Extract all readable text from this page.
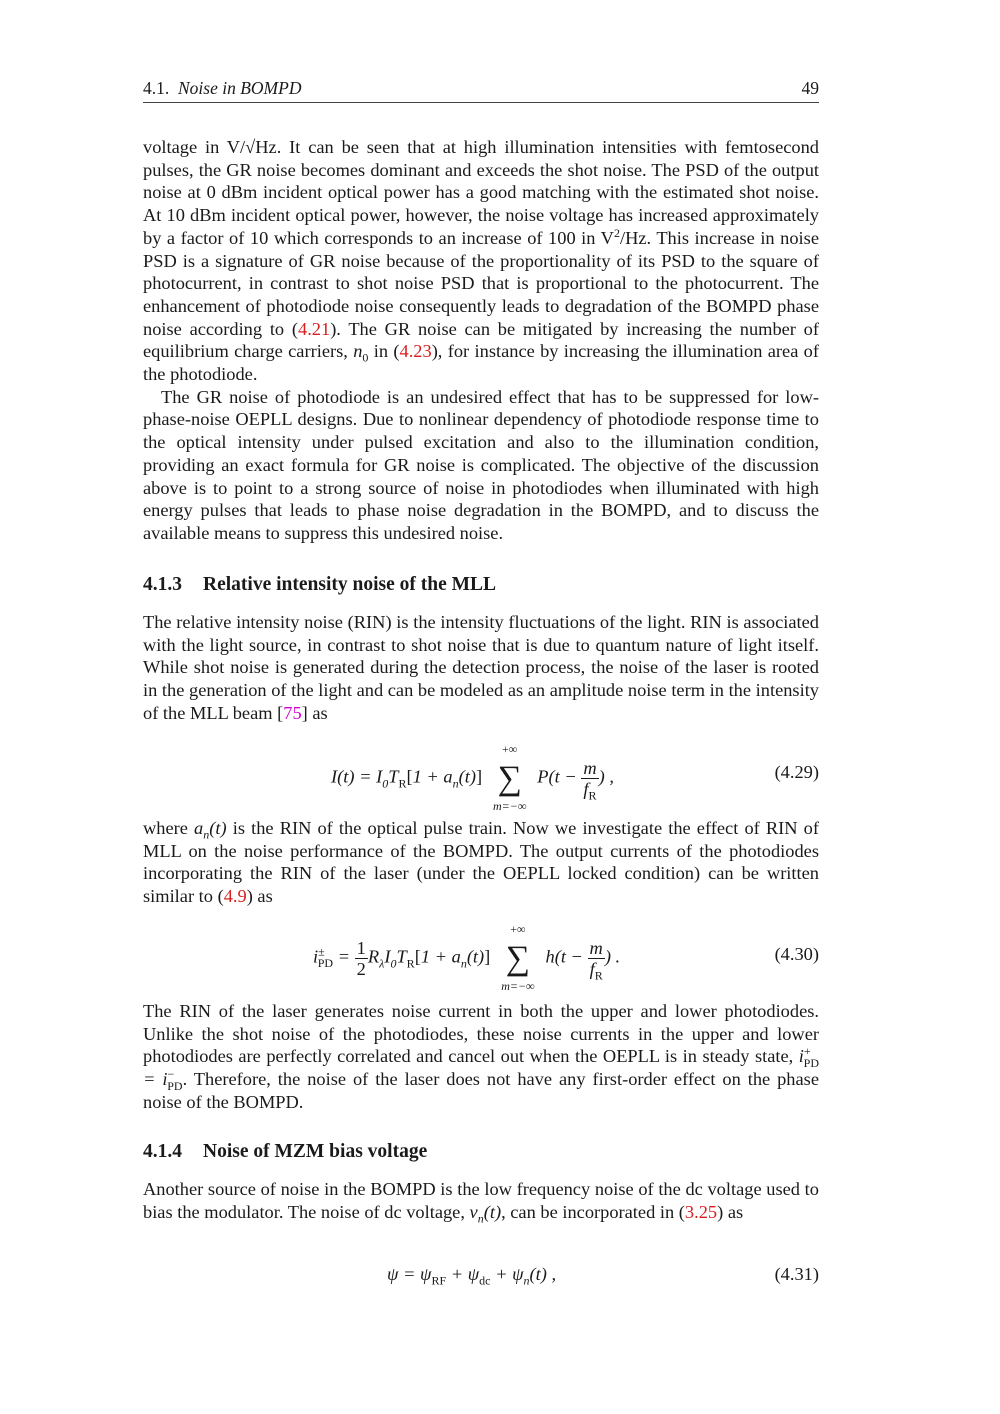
4.1. Noise in BOMPD	49

voltage in V/√Hz. It can be seen that at high illumination intensities with femtosecond pulses, the GR noise becomes dominant and exceeds the shot noise. The PSD of the output noise at 0 dBm incident optical power has a good matching with the estimated shot noise. At 10 dBm incident optical power, however, the noise voltage has increased approximately by a factor of 10 which corresponds to an increase of 100 in $V^2/Hz$. This increase in noise PSD is a signature of GR noise because of the proportionality of its PSD to the square of photocurrent, in contrast to shot noise PSD that is proportional to the photocurrent. The enhancement of photodiode noise consequently leads to degradation of the BOMPD phase noise according to (4.21). The GR noise can be mitigated by increasing the number of equilibrium charge carriers, $n_0$ in (4.23), for instance by increasing the illumination area of the photodiode.

The GR noise of photodiode is an undesired effect that has to be suppressed for low-phase-noise OEPLL designs. Due to nonlinear dependency of photodiode response time to the optical intensity under pulsed excitation and also to the illumination condition, providing an exact formula for GR noise is complicated. The objective of the discussion above is to point to a strong source of noise in photodiodes when illuminated with high energy pulses that leads to phase noise degradation in the BOMPD, and to discuss the available means to suppress this undesired noise.

4.1.3 Relative intensity noise of the MLL

The relative intensity noise (RIN) is the intensity fluctuations of the light. RIN is associated with the light source, in contrast to shot noise that is due to quantum nature of light itself. While shot noise is generated during the detection process, the noise of the laser is rooted in the generation of the light and can be modeled as an amplitude noise term in the intensity of the MLL beam [75] as

$I(t) = I_0T_R[1 + a_n(t)]$
+∞
∑
m=−∞
$P(t - \frac{m}{f_R}$ ) ,	(4.29)

where $a_n(t)$ is the RIN of the optical pulse train. Now we investigate the effect of RIN of MLL on the noise performance of the BOMPD. The output currents of the photodiodes incorporating the RIN of the laser (under the OEPLL locked condition) can be written similar to (4.9) as

$i^\pm_{PD} = \frac{1}{2} R_\lambda I_0T_R[1 + a_n(t)]$
+∞
∑
m=−∞
$h(t - \frac{m}{f_R}$ ) .	(4.30)

The RIN of the laser generates noise current in both the upper and lower photodiodes. Unlike the shot noise of the photodiodes, these noise currents in the upper and lower photodiodes are perfectly correlated and cancel out when the OEPLL is in steady state, $i^+_{PD} = i^-_{PD}$. Therefore, the noise of the laser does not have any first-order effect on the phase noise of the BOMPD.

4.1.4 Noise of MZM bias voltage

Another source of noise in the BOMPD is the low frequency noise of the dc voltage used to bias the modulator. The noise of dc voltage, $v_n(t)$, can be incorporated in (3.25) as

$\psi = \psi_{RF} + \psi_{dc} + \psi_n(t)$ ,	(4.31)
